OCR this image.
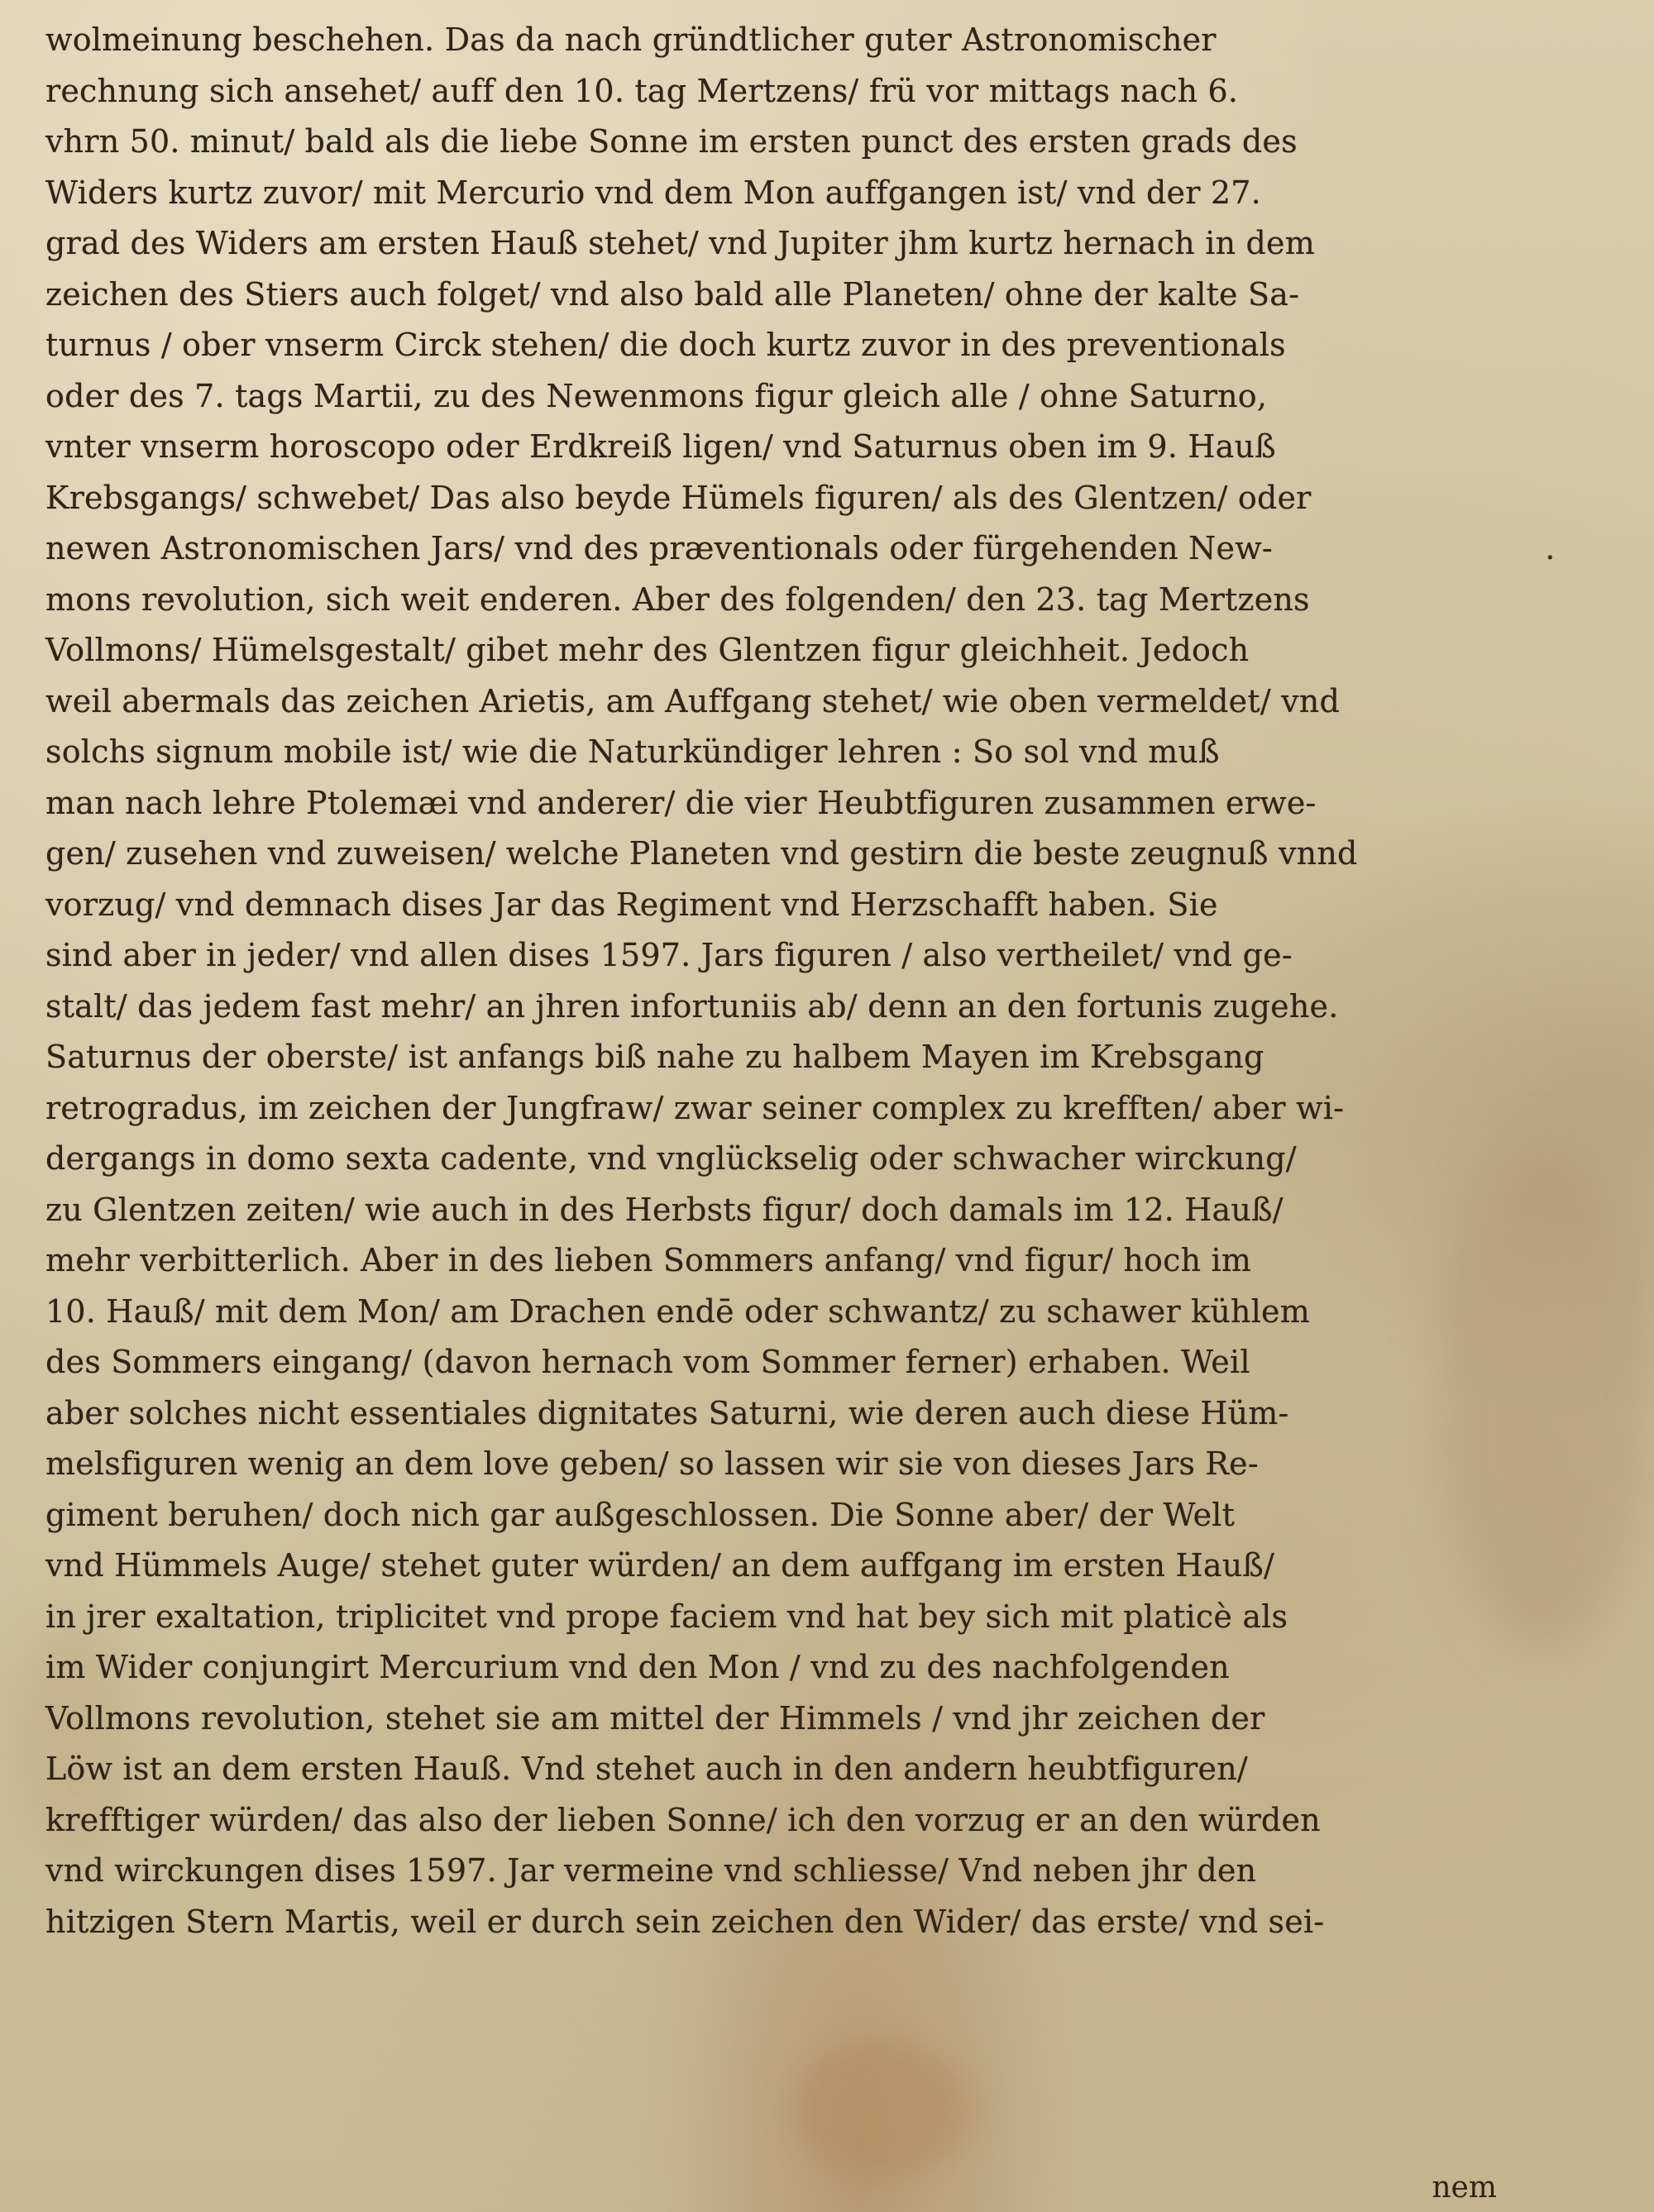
wolmeinung beschehen. Das da nach gründtlicher guter Astronomischer
rechnung sich ansehet/ auff den 10. tag Mertzens/ frü vor mittags nach 6.
vhrn 50. minut/ bald als die liebe Sonne im ersten punct des ersten grads des
Widers kurtz zuvor/ mit Mercurio vnd dem Mon auffgangen ist/ vnd der 27.
grad des Widers am ersten Hauß stehet/ vnd Jupiter jhm kurtz hernach in dem
zeichen des Stiers auch folget/ vnd also bald alle Planeten/ ohne der kalte Sa-
turnus / ober vnserm Circk stehen/ die doch kurtz zuvor in des preventionals
oder des 7. tags Martii, zu des Newenmons figur gleich alle / ohne Saturno,
vnter vnserm horoscopo oder Erdkreiß ligen/ vnd Saturnus oben im 9. Hauß
Krebsgangs/ schwebet/ Das also beyde Hümels figuren/ als des Glentzen/ oder
newen Astronomischen Jars/ vnd des præventionals oder fürgehenden New-
mons revolution, sich weit enderen. Aber des folgenden/ den 23. tag Mertzens
Vollmons/ Hümelsgestalt/ gibet mehr des Glentzen figur gleichheit. Jedoch
weil abermals das zeichen Arietis, am Auffgang stehet/ wie oben vermeldet/ vnd
solchs signum mobile ist/ wie die Naturkündiger lehren : So sol vnd muß
man nach lehre Ptolemæi vnd anderer/ die vier Heubtfiguren zusammen erwe-
gen/ zusehen vnd zuweisen/ welche Planeten vnd gestirn die beste zeugnuß vnnd
vorzug/ vnd demnach dises Jar das Regiment vnd Herzschafft haben. Sie
sind aber in jeder/ vnd allen dises 1597. Jars figuren / also vertheilet/ vnd ge-
stalt/ das jedem fast mehr/ an jhren infortuniis ab/ denn an den fortunis zugehe.
Saturnus der oberste/ ist anfangs biß nahe zu halbem Mayen im Krebsgang
retrogradus, im zeichen der Jungfraw/ zwar seiner complex zu krefften/ aber wi-
dergangs in domo sexta cadente, vnd vnglückselig oder schwacher wirckung/
zu Glentzen zeiten/ wie auch in des Herbsts figur/ doch damals im 12. Hauß/
mehr verbitterlich. Aber in des lieben Sommers anfang/ vnd figur/ hoch im
10. Hauß/ mit dem Mon/ am Drachen endē oder schwantz/ zu schawer kühlem
des Sommers eingang/ (davon hernach vom Sommer ferner) erhaben. Weil
aber solches nicht essentiales dignitates Saturni, wie deren auch diese Hüm-
melsfiguren wenig an dem love geben/ so lassen wir sie von dieses Jars Re-
giment beruhen/ doch nich gar außgeschlossen. Die Sonne aber/ der Welt
vnd Hümmels Auge/ stehet guter würden/ an dem auffgang im ersten Hauß/
in jrer exaltation, triplicitet vnd prope faciem vnd hat bey sich mit platicè als
im Wider conjungirt Mercurium vnd den Mon / vnd zu des nachfolgenden
Vollmons revolution, stehet sie am mittel der Himmels / vnd jhr zeichen der
Löw ist an dem ersten Hauß. Vnd stehet auch in den andern heubtfiguren/
krefftiger würden/ das also der lieben Sonne/ ich den vorzug er an den würden
vnd wirckungen dises 1597. Jar vermeine vnd schliesse/ Vnd neben jhr den
hitzigen Stern Martis, weil er durch sein zeichen den Wider/ das erste/ vnd sei-
·
nem
